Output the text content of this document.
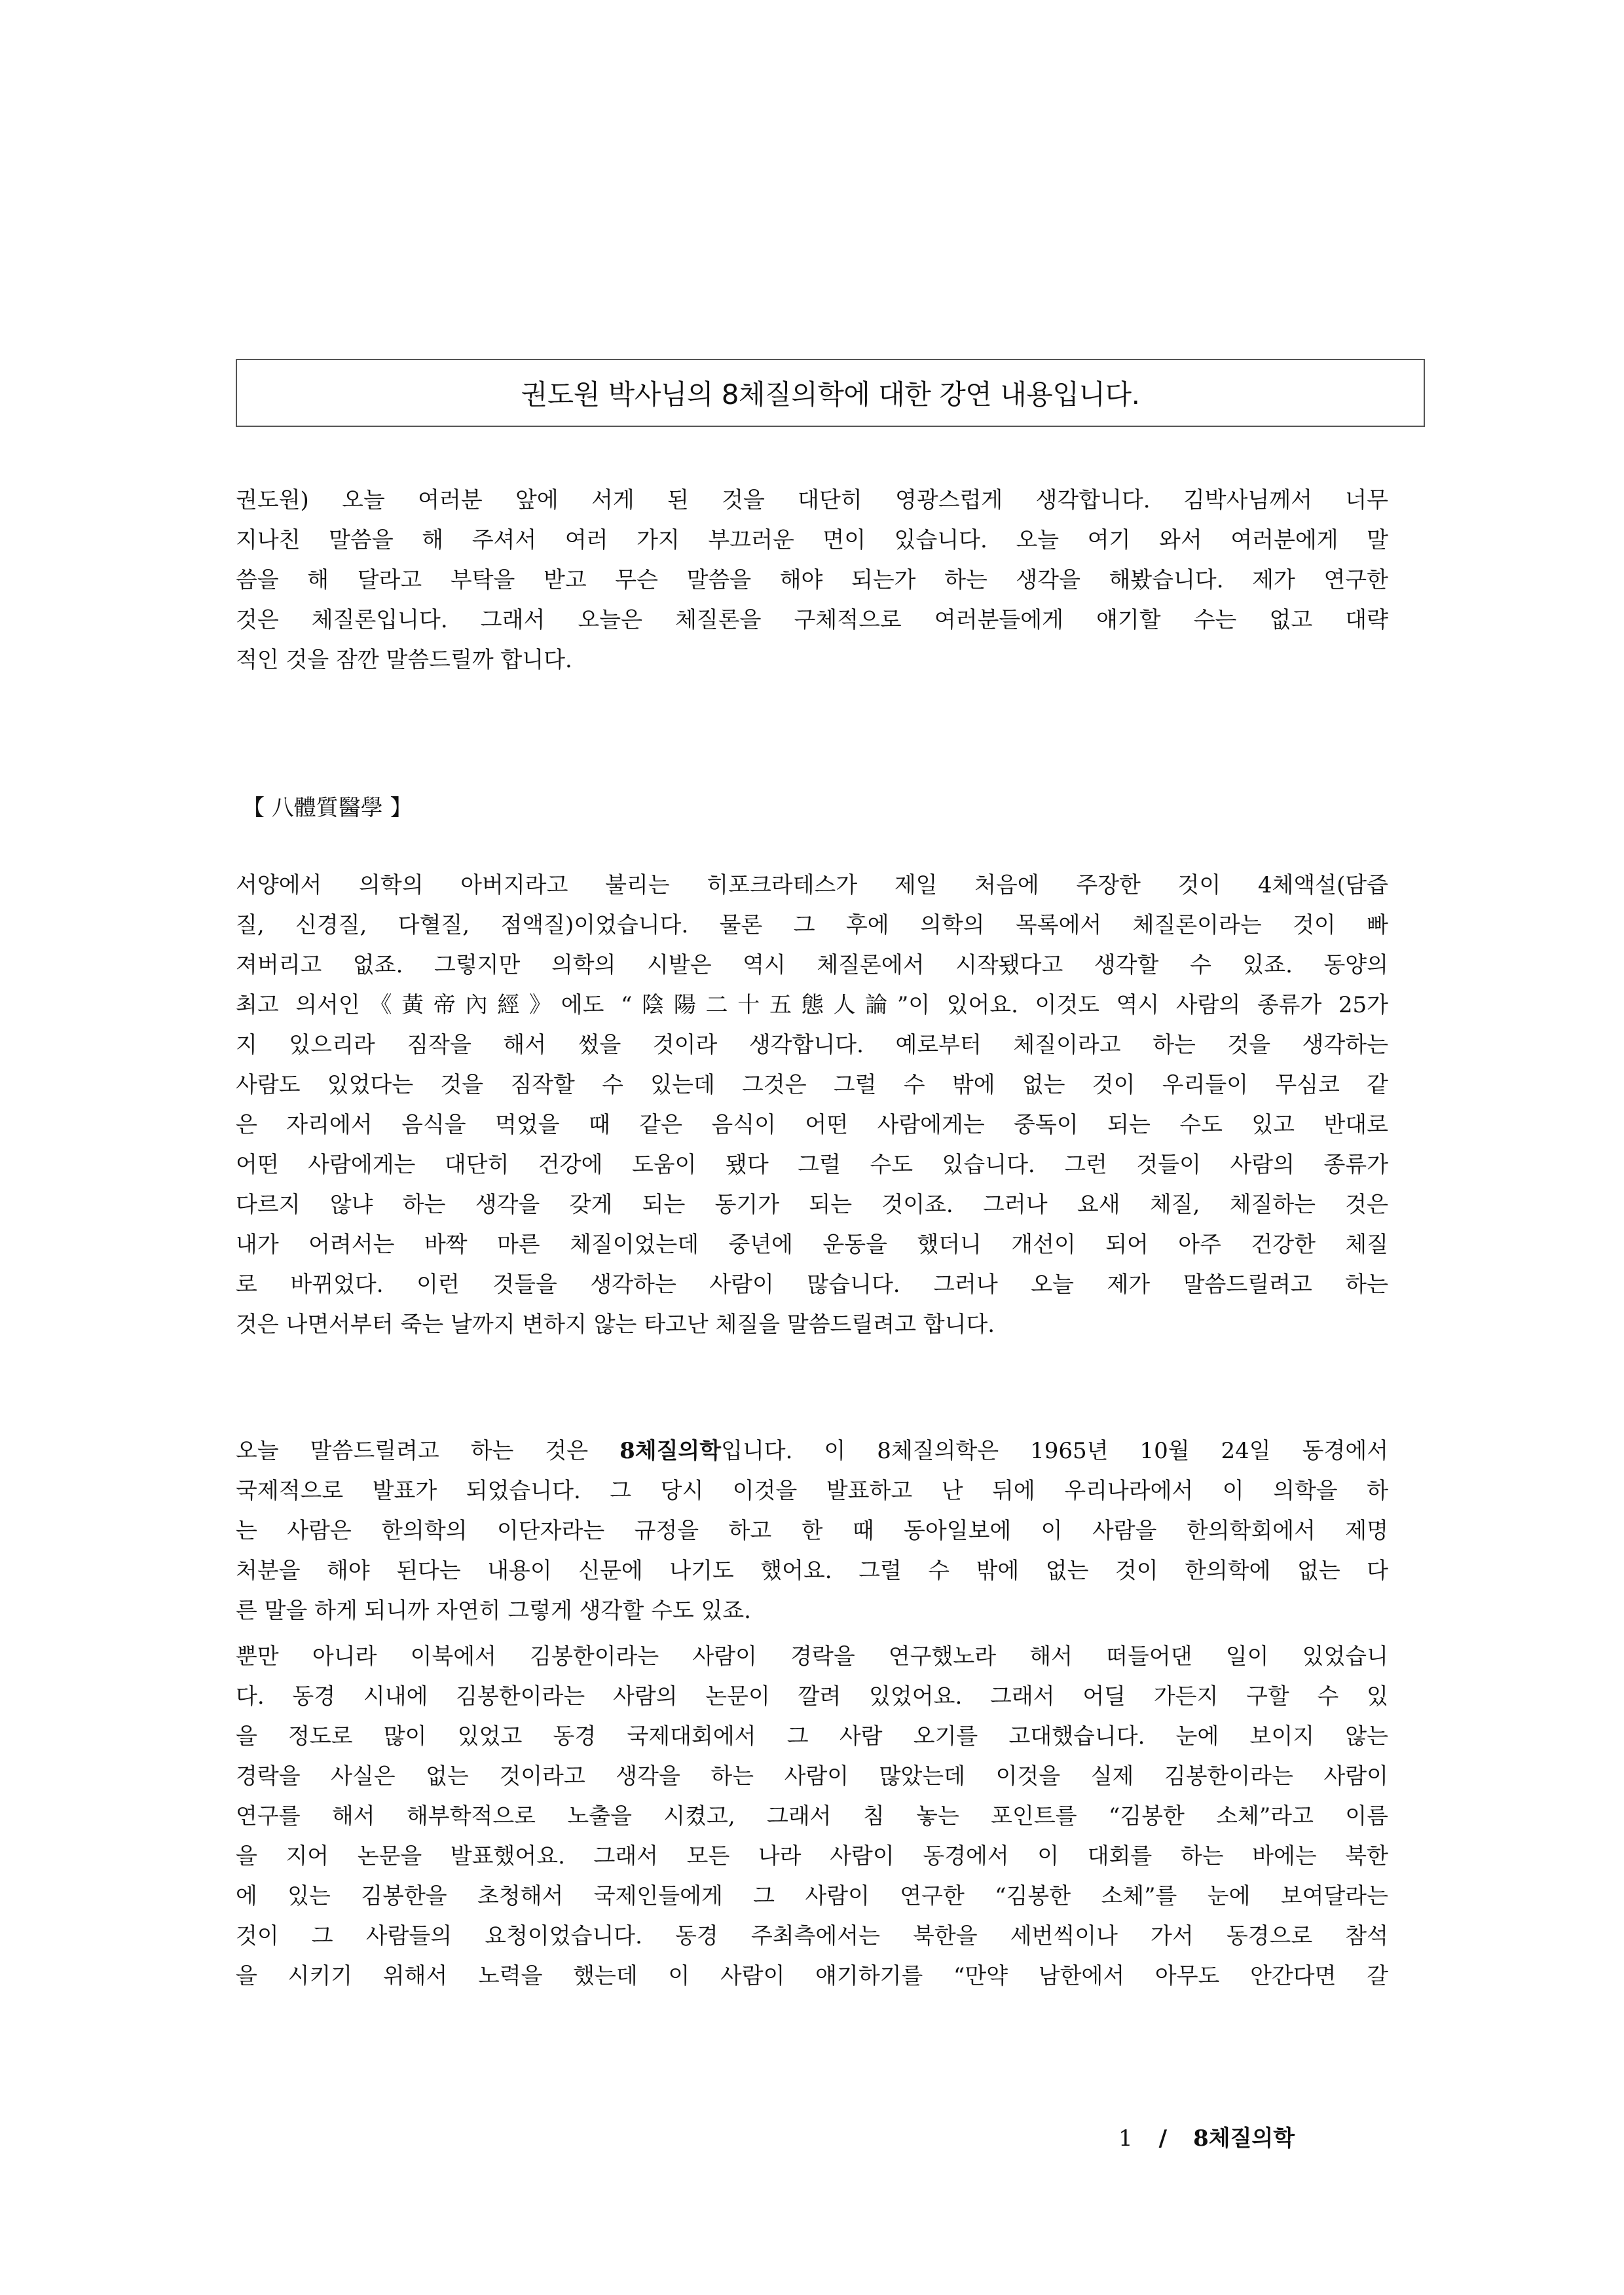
권도원 박사님의 8체질의학에 대한 강연 내용입니다.
권도원) 오늘 여러분 앞에 서게 된 것을 대단히 영광스럽게 생각합니다. 김박사님께서 너무
지나친 말씀을 해 주셔서 여러 가지 부끄러운 면이 있습니다. 오늘 여기 와서 여러분에게 말
씀을 해 달라고 부탁을 받고 무슨 말씀을 해야 되는가 하는 생각을 해봤습니다. 제가 연구한
것은 체질론입니다. 그래서 오늘은 체질론을 구체적으로 여러분들에게 얘기할 수는 없고 대략
적인 것을 잠깐 말씀드릴까 합니다.
【 八體質醫學 】
서양에서 의학의 아버지라고 불리는 히포크라테스가 제일 처음에 주장한 것이 4체액설(담즙
질, 신경질, 다혈질, 점액질)이었습니다. 물론 그 후에 의학의 목록에서 체질론이라는 것이 빠
져버리고 없죠. 그렇지만 의학의 시발은 역시 체질론에서 시작됐다고 생각할 수 있죠. 동양의
최고 의서인《黃帝內經》에도 “陰陽二十五態人論”이 있어요. 이것도 역시 사람의 종류가 25가
지 있으리라 짐작을 해서 썼을 것이라 생각합니다. 예로부터 체질이라고 하는 것을 생각하는
사람도 있었다는 것을 짐작할 수 있는데 그것은 그럴 수 밖에 없는 것이 우리들이 무심코 같
은 자리에서 음식을 먹었을 때 같은 음식이 어떤 사람에게는 중독이 되는 수도 있고 반대로
어떤 사람에게는 대단히 건강에 도움이 됐다 그럴 수도 있습니다. 그런 것들이 사람의 종류가
다르지 않냐 하는 생각을 갖게 되는 동기가 되는 것이죠. 그러나 요새 체질, 체질하는 것은
내가 어려서는 바짝 마른 체질이었는데 중년에 운동을 했더니 개선이 되어 아주 건강한 체질
로 바뀌었다. 이런 것들을 생각하는 사람이 많습니다. 그러나 오늘 제가 말씀드릴려고 하는
것은 나면서부터 죽는 날까지 변하지 않는 타고난 체질을 말씀드릴려고 합니다.
오늘 말씀드릴려고 하는 것은 8체질의학입니다. 이 8체질의학은 1965년 10월 24일 동경에서
국제적으로 발표가 되었습니다. 그 당시 이것을 발표하고 난 뒤에 우리나라에서 이 의학을 하
는 사람은 한의학의 이단자라는 규정을 하고 한 때 동아일보에 이 사람을 한의학회에서 제명
처분을 해야 된다는 내용이 신문에 나기도 했어요. 그럴 수 밖에 없는 것이 한의학에 없는 다
른 말을 하게 되니까 자연히 그렇게 생각할 수도 있죠.
뿐만 아니라 이북에서 김봉한이라는 사람이 경락을 연구했노라 해서 떠들어댄 일이 있었습니
다. 동경 시내에 김봉한이라는 사람의 논문이 깔려 있었어요. 그래서 어딜 가든지 구할 수 있
을 정도로 많이 있었고 동경 국제대회에서 그 사람 오기를 고대했습니다. 눈에 보이지 않는
경락을 사실은 없는 것이라고 생각을 하는 사람이 많았는데 이것을 실제 김봉한이라는 사람이
연구를 해서 해부학적으로 노출을 시켰고, 그래서 침 놓는 포인트를 “김봉한 소체”라고 이름
을 지어 논문을 발표했어요. 그래서 모든 나라 사람이 동경에서 이 대회를 하는 바에는 북한
에 있는 김봉한을 초청해서 국제인들에게 그 사람이 연구한 “김봉한 소체”를 눈에 보여달라는
것이 그 사람들의 요청이었습니다. 동경 주최측에서는 북한을 세번씩이나 가서 동경으로 참석
을 시키기 위해서 노력을 했는데 이 사람이 얘기하기를 “만약 남한에서 아무도 안간다면 갈
1 / 8체질의학
